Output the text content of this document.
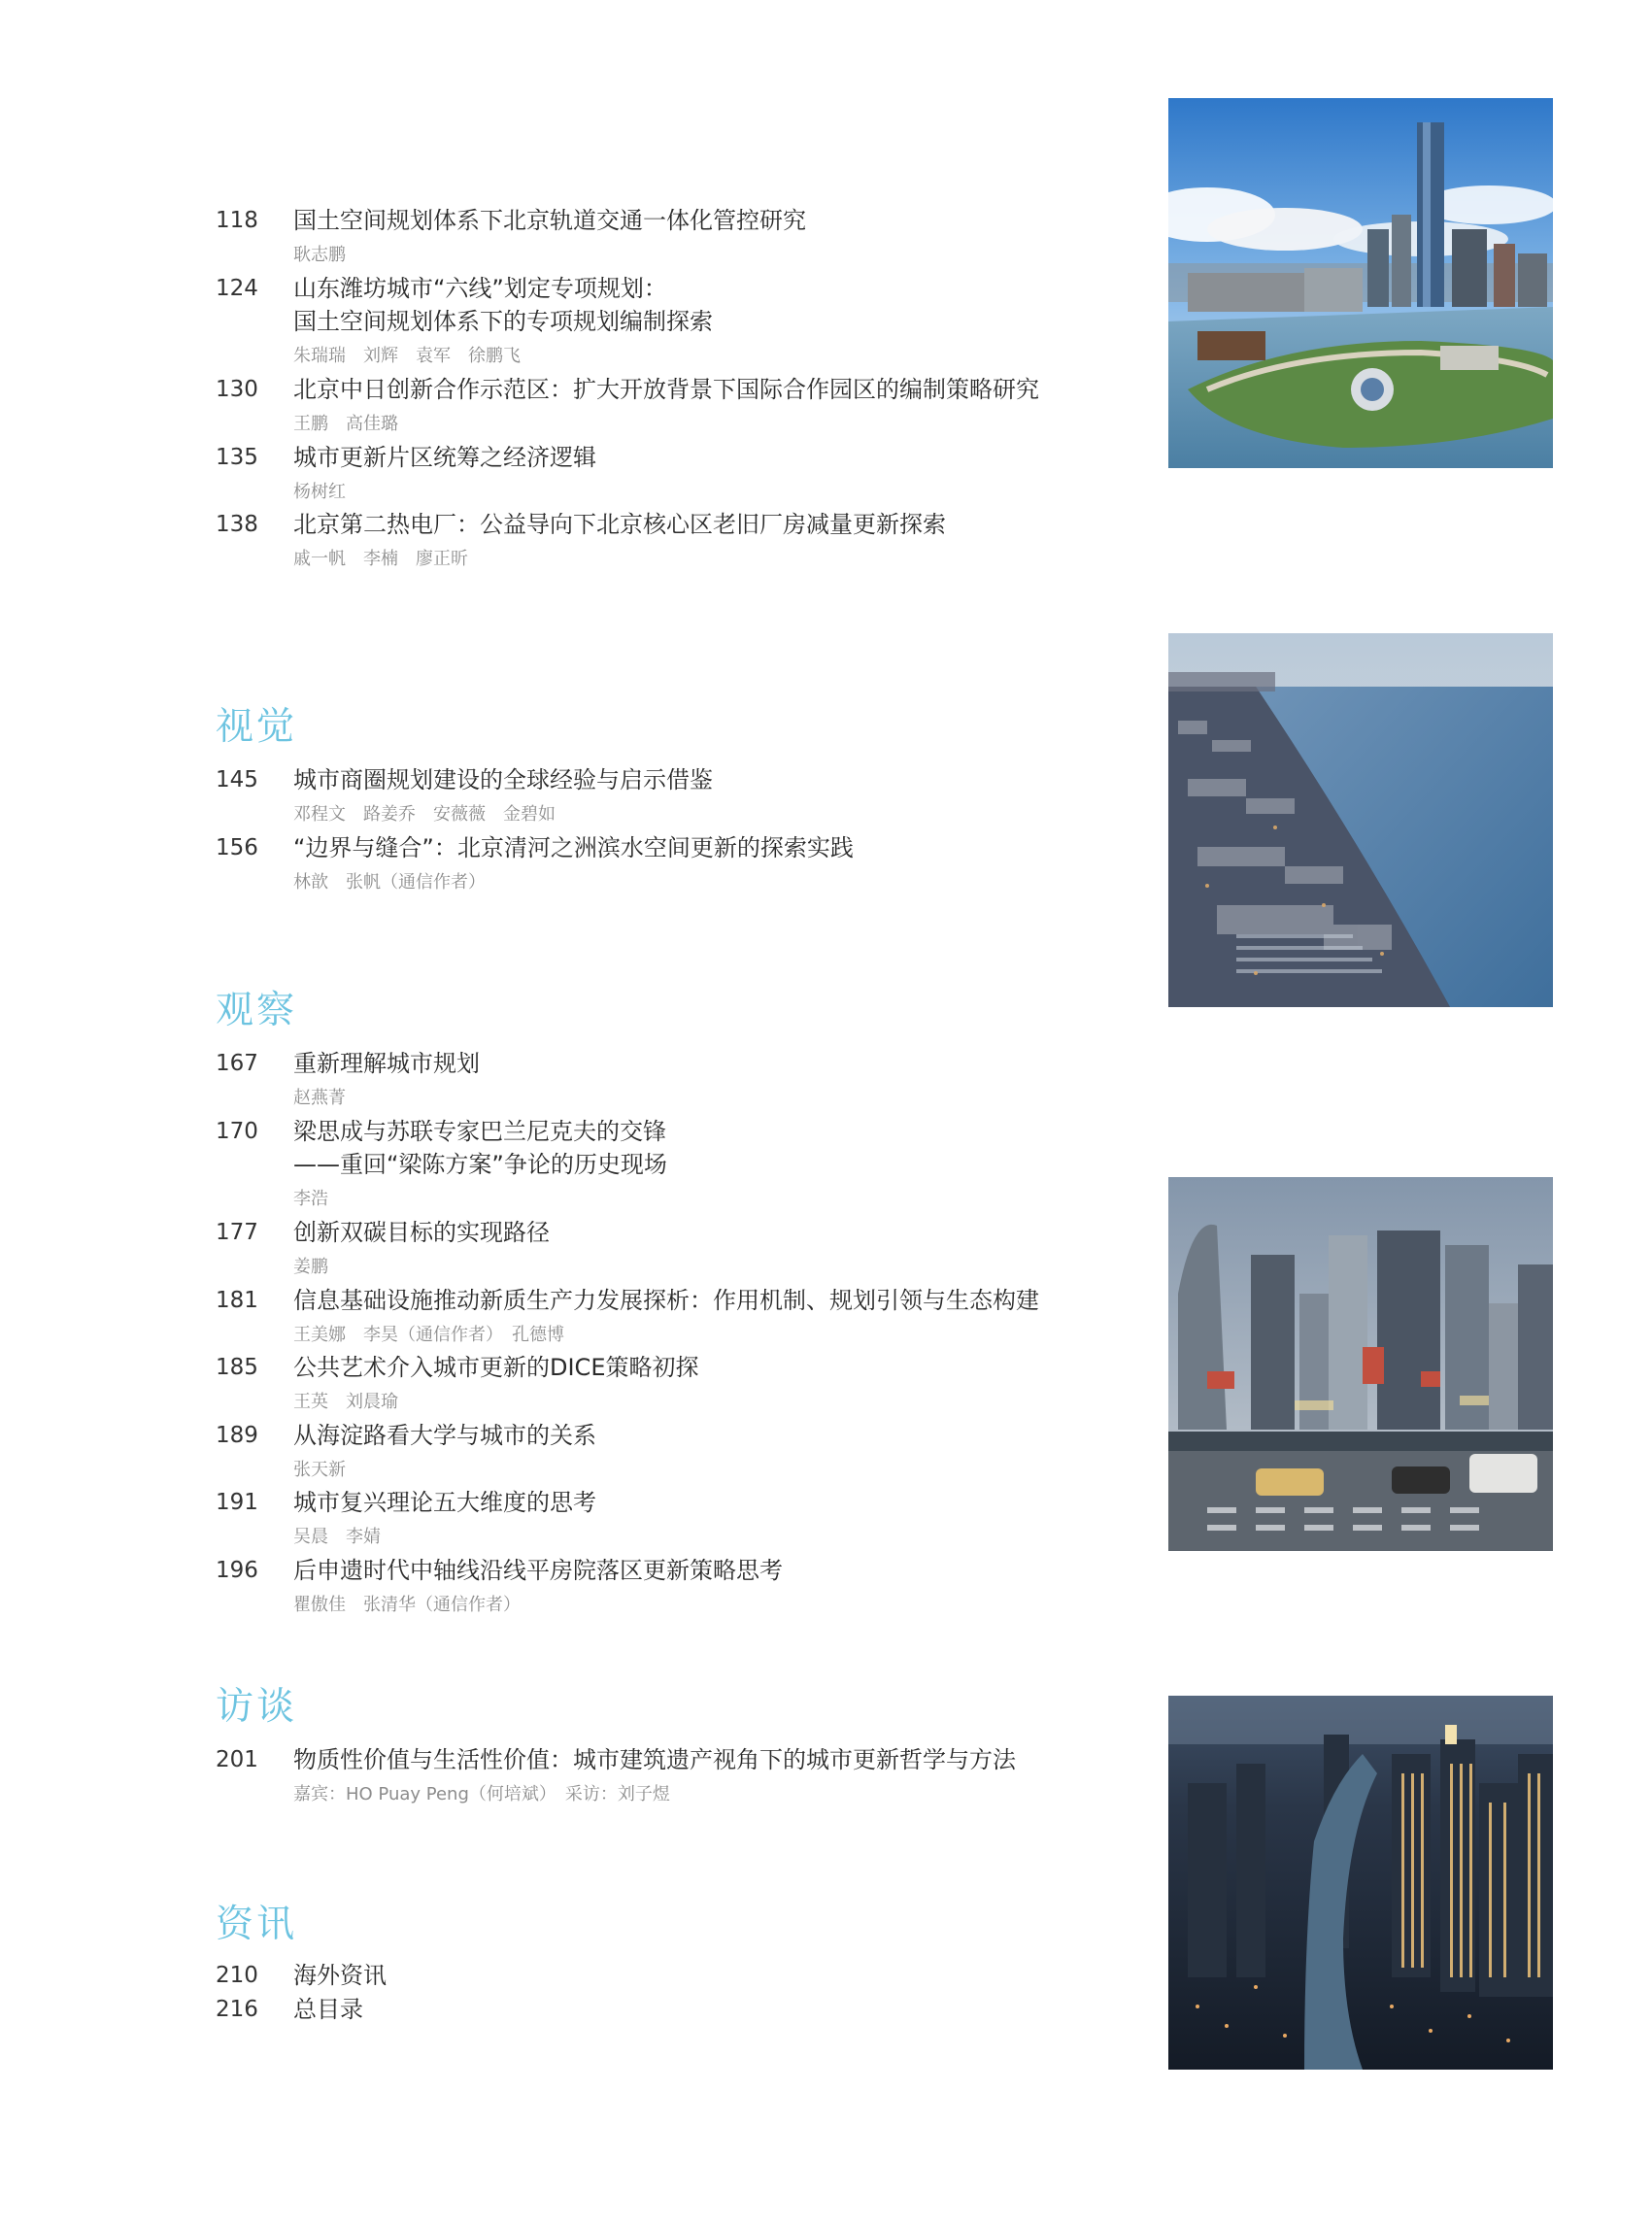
118	国土空间规划体系下北京轨道交通一体化管控研究
耿志鹏
124	山东潍坊城市“六线”划定专项规划：
国土空间规划体系下的专项规划编制探索
朱瑞瑞　刘辉　袁军　徐鹏飞
130	北京中日创新合作示范区：扩大开放背景下国际合作园区的编制策略研究
王鹏　高佳璐
135	城市更新片区统筹之经济逻辑
杨树红
138	北京第二热电厂：公益导向下北京核心区老旧厂房减量更新探索
戚一帆　李楠　廖正昕
视觉
145	城市商圈规划建设的全球经验与启示借鉴
邓程文　路姜乔　安薇薇　金碧如
156	“边界与缝合”：北京清河之洲滨水空间更新的探索实践
林歆　张帆（通信作者）
观察
167	重新理解城市规划
赵燕菁
170	梁思成与苏联专家巴兰尼克夫的交锋
——重回“梁陈方案”争论的历史现场
李浩
177	创新双碳目标的实现路径
姜鹏
181	信息基础设施推动新质生产力发展探析：作用机制、规划引领与生态构建
王美娜　李昊（通信作者）　孔德博
185	公共艺术介入城市更新的DICE策略初探
王英　刘晨瑜
189	从海淀路看大学与城市的关系
张天新
191	城市复兴理论五大维度的思考
吴晨　李婧
196	后申遗时代中轴线沿线平房院落区更新策略思考
瞿傲佳　张清华（通信作者）
访谈
201	物质性价值与生活性价值：城市建筑遗产视角下的城市更新哲学与方法
嘉宾：HO Puay Peng（何培斌）　采访：刘子煜
资讯
210	海外资讯
216	总目录
